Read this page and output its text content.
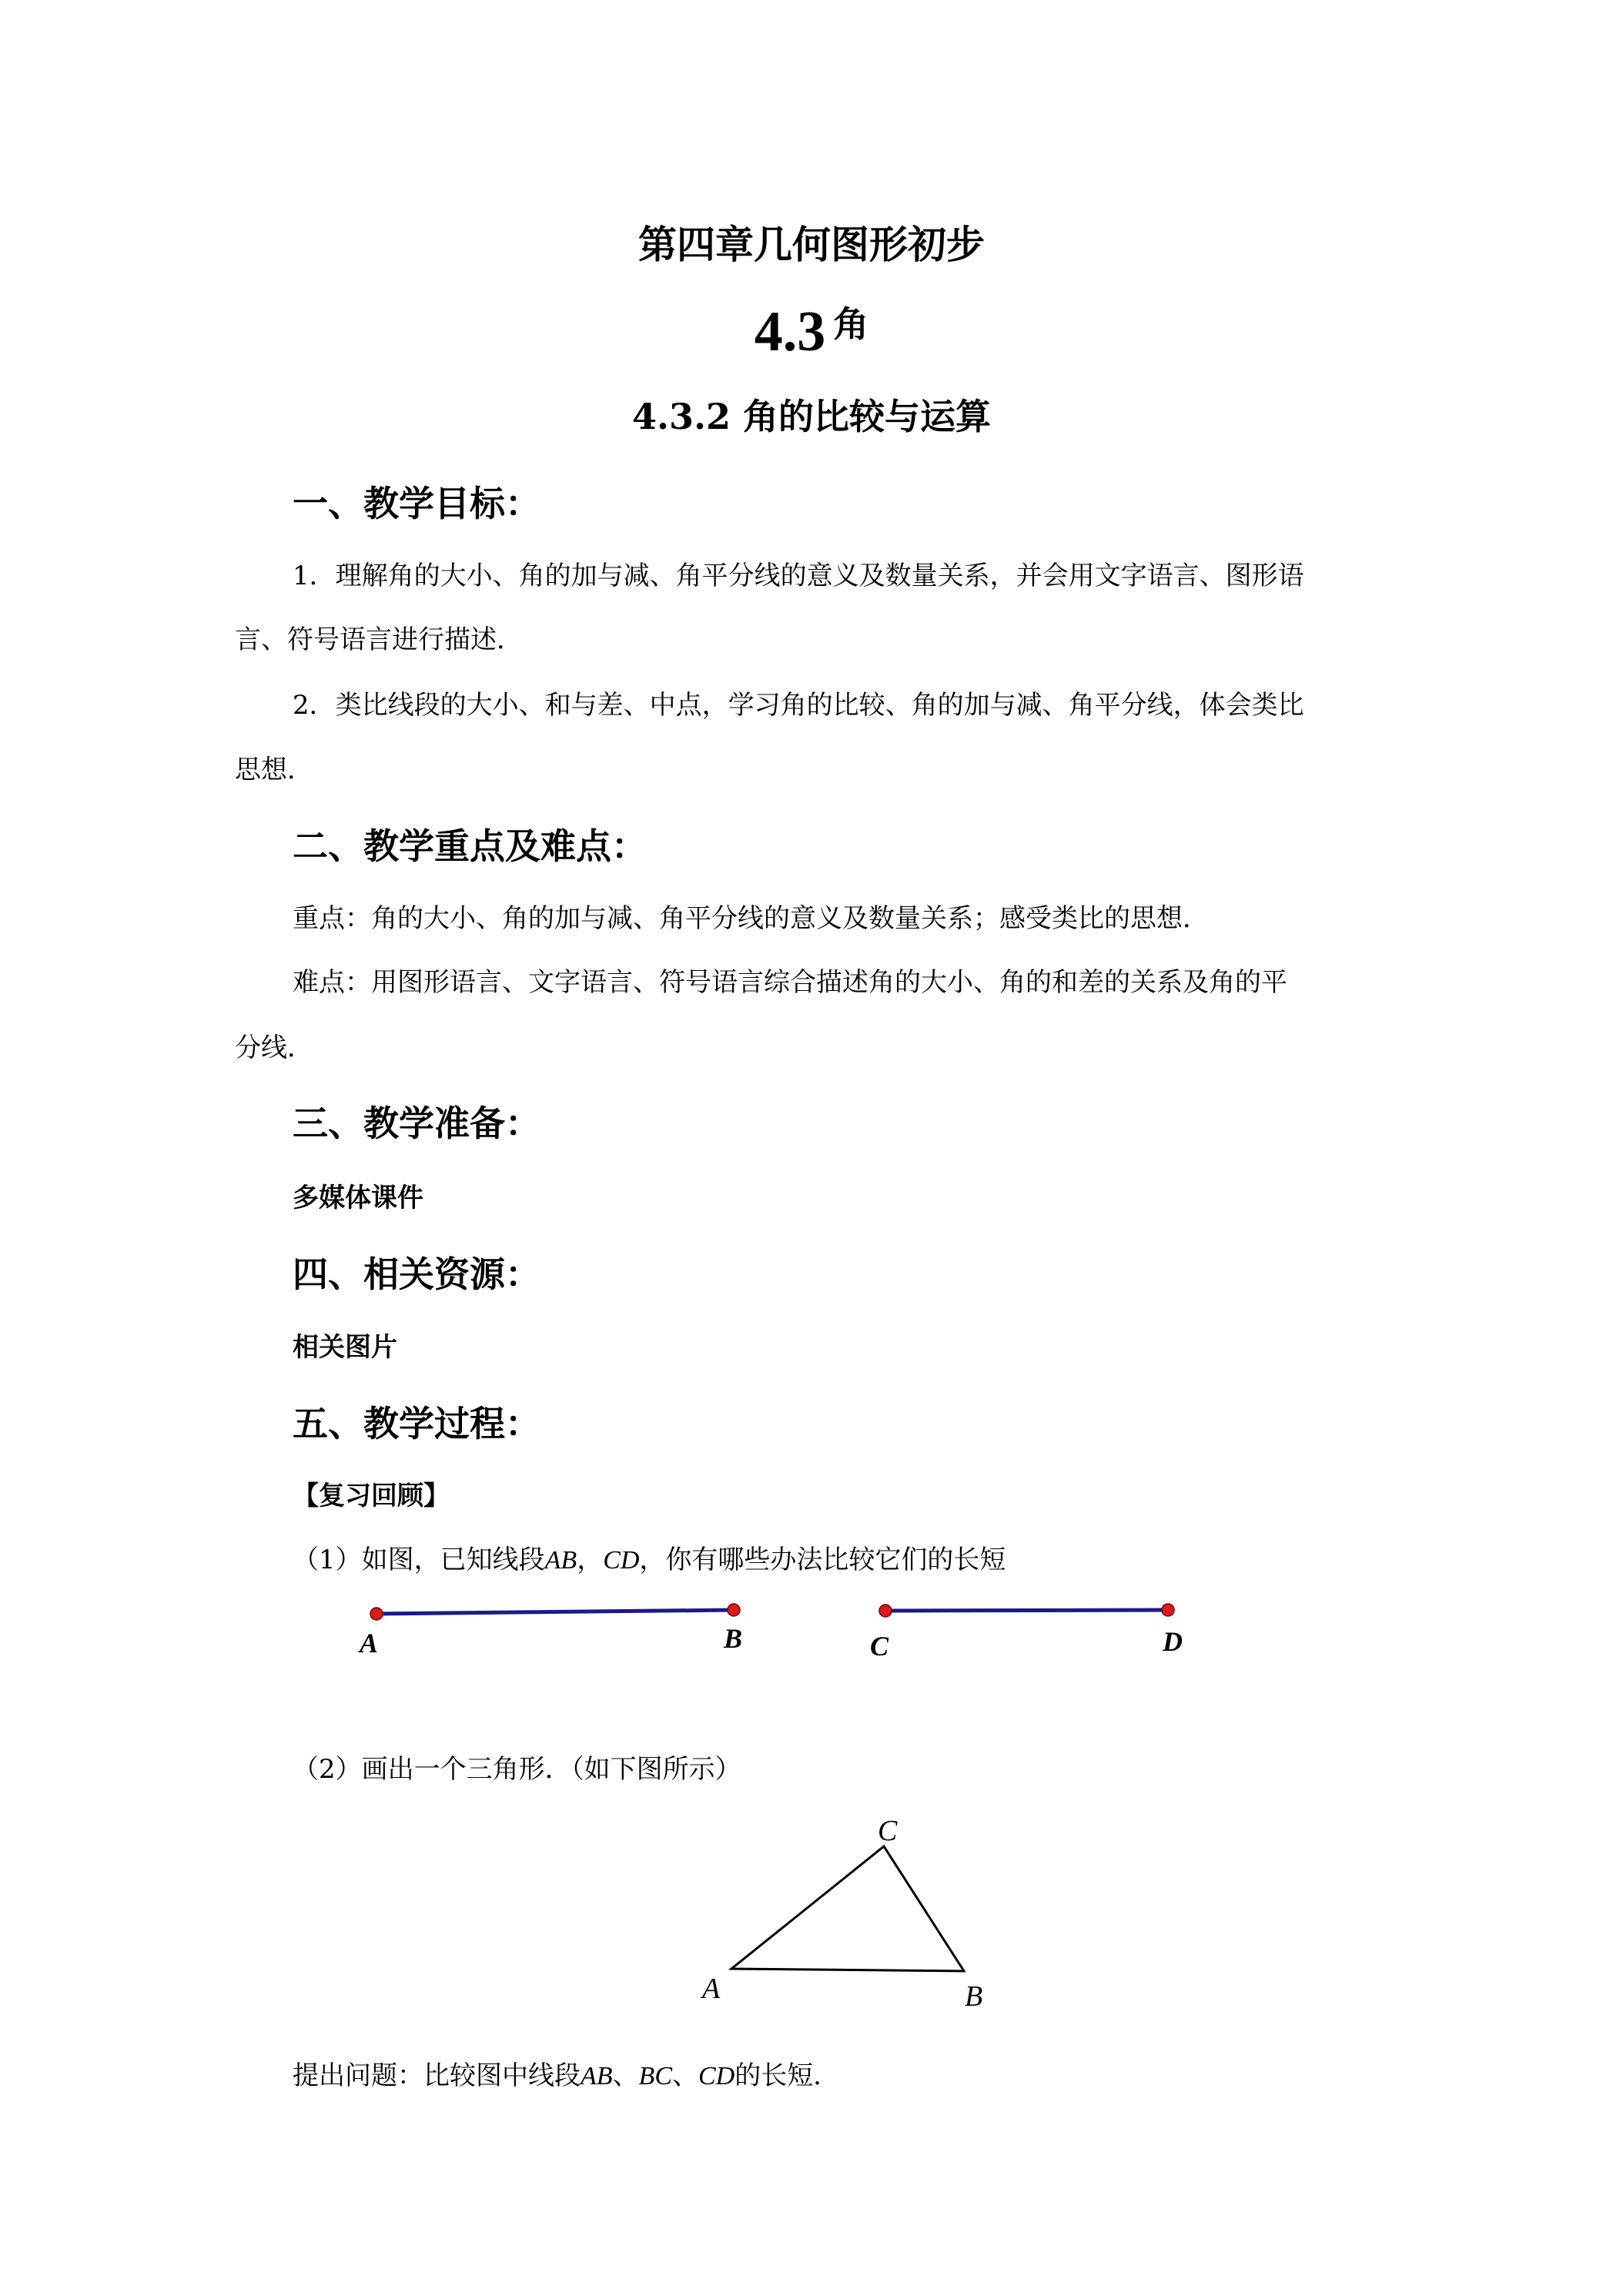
第四章几何图形初步
4.3 角
4.3.2 角的比较与运算
一、教学目标：
1．理解角的大小、角的加与减、角平分线的意义及数量关系，并会用文字语言、图形语
言、符号语言进行描述．
2．类比线段的大小、和与差、中点，学习角的比较、角的加与减、角平分线，体会类比
思想．
二、教学重点及难点：
重点：角的大小、角的加与减、角平分线的意义及数量关系；感受类比的思想．
难点：用图形语言、文字语言、符号语言综合描述角的大小、角的和差的关系及角的平
分线．
三、教学准备：
多媒体课件
四、相关资源：
相关图片
五、教学过程：
【复习回顾】
（1）如图，已知线段AB，CD，你有哪些办法比较它们的长短
A	B	C	D
C
A	B
（2）画出一个三角形．（如下图所示）
提出问题：比较图中线段AB、BC、CD的长短．
